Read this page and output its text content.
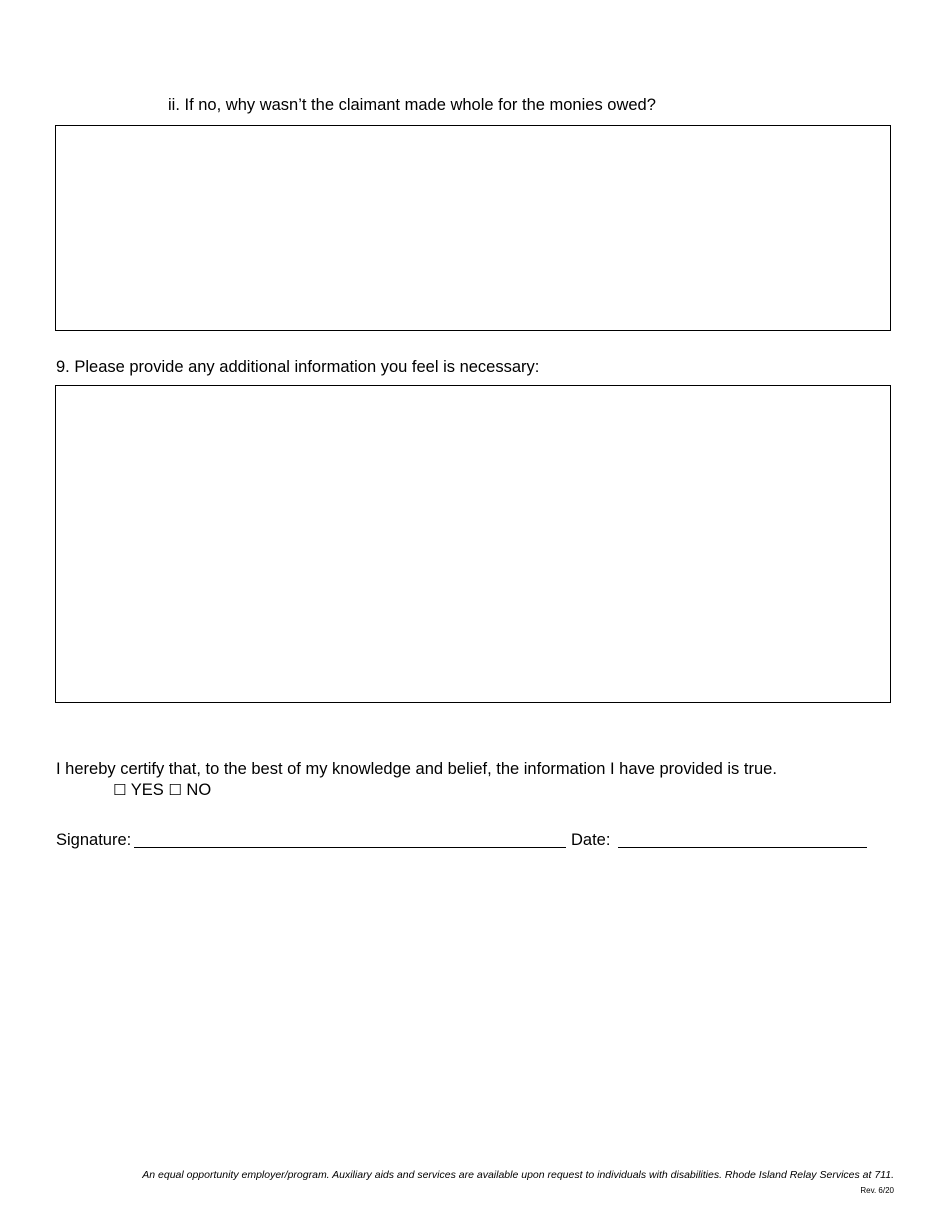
ii. If no, why wasn’t the claimant made whole for the monies owed?
9. Please provide any additional information you feel is necessary:
I hereby certify that, to the best of my knowledge and belief, the information I have provided is true.
☐ YES ☐ NO
Signature:	Date:
An equal opportunity employer/program. Auxiliary aids and services are available upon request to individuals with disabilities. Rhode Island Relay Services at 711.
Rev. 6/20
